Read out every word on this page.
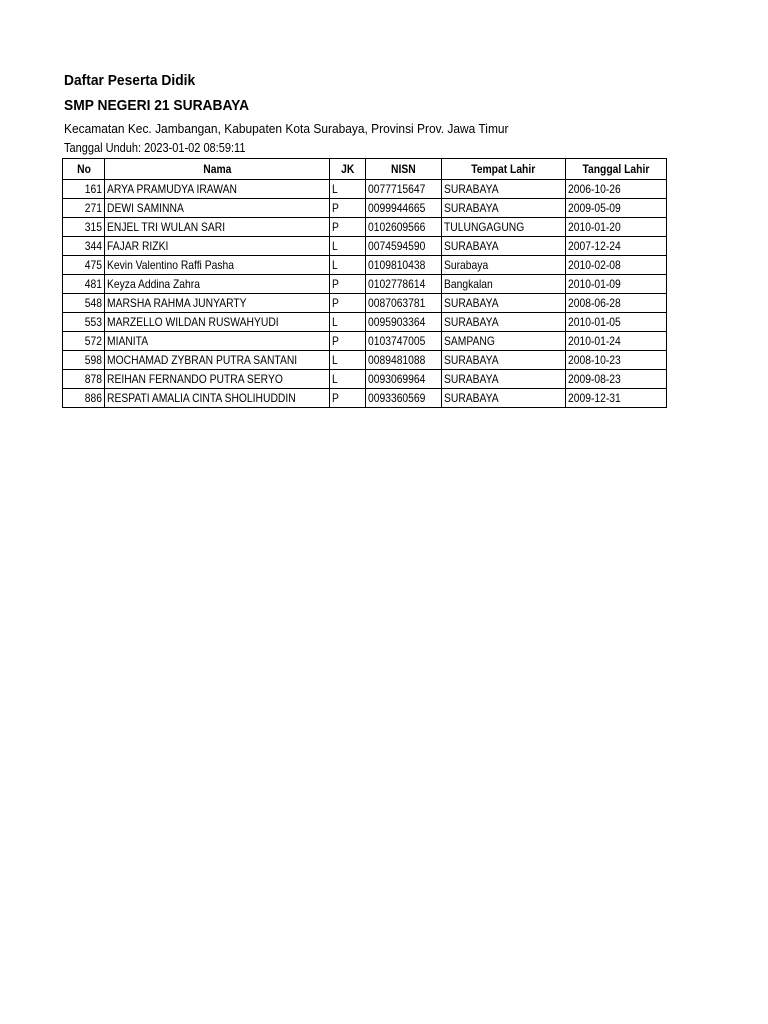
Daftar Peserta Didik
SMP NEGERI 21 SURABAYA
Kecamatan Kec. Jambangan, Kabupaten Kota Surabaya, Provinsi Prov. Jawa Timur
Tanggal Unduh: 2023-01-02 08:59:11
No	Nama	JK	NISN	Tempat Lahir	Tanggal Lahir
161	ARYA PRAMUDYA IRAWAN	L	0077715647	SURABAYA	2006-10-26
271	DEWI SAMINNA	P	0099944665	SURABAYA	2009-05-09
315	ENJEL TRI WULAN SARI	P	0102609566	TULUNGAGUNG	2010-01-20
344	FAJAR RIZKI	L	0074594590	SURABAYA	2007-12-24
475	Kevin Valentino Raffi Pasha	L	0109810438	Surabaya	2010-02-08
481	Keyza Addina Zahra	P	0102778614	Bangkalan	2010-01-09
548	MARSHA RAHMA JUNYARTY	P	0087063781	SURABAYA	2008-06-28
553	MARZELLO WILDAN RUSWAHYUDI	L	0095903364	SURABAYA	2010-01-05
572	MIANITA	P	0103747005	SAMPANG	2010-01-24
598	MOCHAMAD ZYBRAN PUTRA SANTANI	L	0089481088	SURABAYA	2008-10-23
878	REIHAN FERNANDO PUTRA SERYO	L	0093069964	SURABAYA	2009-08-23
886	RESPATI AMALIA CINTA SHOLIHUDDIN	P	0093360569	SURABAYA	2009-12-31
